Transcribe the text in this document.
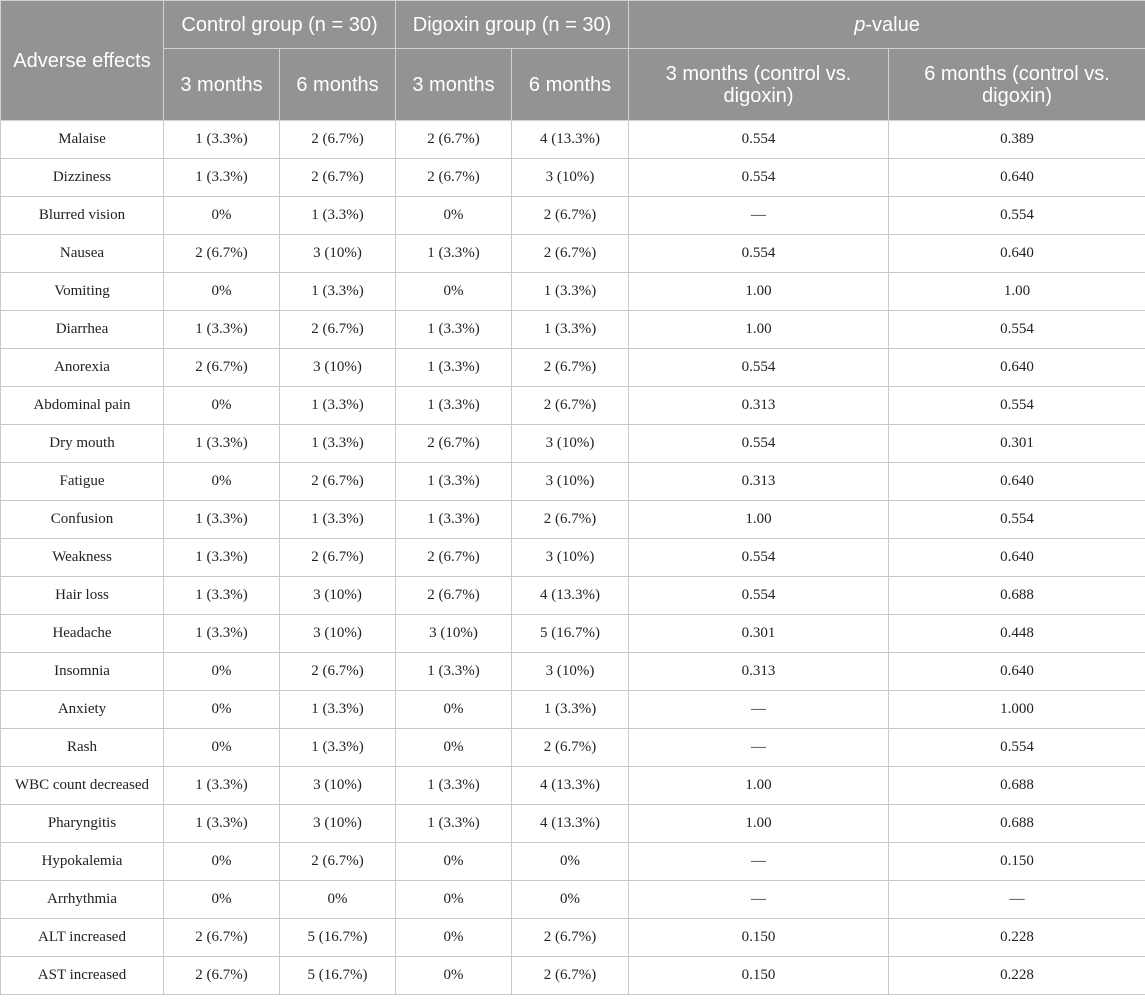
Adverse effects	Control group (n = 30)		Digoxin group (n = 30)		p-value	
	3 months	6 months	3 months	6 months	3 months (control vs. digoxin)	6 months (control vs. digoxin)
Malaise	1 (3.3%)	2 (6.7%)	2 (6.7%)	4 (13.3%)	0.554	0.389
Dizziness	1 (3.3%)	2 (6.7%)	2 (6.7%)	3 (10%)	0.554	0.640
Blurred vision	0%	1 (3.3%)	0%	2 (6.7%)	—	0.554
Nausea	2 (6.7%)	3 (10%)	1 (3.3%)	2 (6.7%)	0.554	0.640
Vomiting	0%	1 (3.3%)	0%	1 (3.3%)	1.00	1.00
Diarrhea	1 (3.3%)	2 (6.7%)	1 (3.3%)	1 (3.3%)	1.00	0.554
Anorexia	2 (6.7%)	3 (10%)	1 (3.3%)	2 (6.7%)	0.554	0.640
Abdominal pain	0%	1 (3.3%)	1 (3.3%)	2 (6.7%)	0.313	0.554
Dry mouth	1 (3.3%)	1 (3.3%)	2 (6.7%)	3 (10%)	0.554	0.301
Fatigue	0%	2 (6.7%)	1 (3.3%)	3 (10%)	0.313	0.640
Confusion	1 (3.3%)	1 (3.3%)	1 (3.3%)	2 (6.7%)	1.00	0.554
Weakness	1 (3.3%)	2 (6.7%)	2 (6.7%)	3 (10%)	0.554	0.640
Hair loss	1 (3.3%)	3 (10%)	2 (6.7%)	4 (13.3%)	0.554	0.688
Headache	1 (3.3%)	3 (10%)	3 (10%)	5 (16.7%)	0.301	0.448
Insomnia	0%	2 (6.7%)	1 (3.3%)	3 (10%)	0.313	0.640
Anxiety	0%	1 (3.3%)	0%	1 (3.3%)	—	1.000
Rash	0%	1 (3.3%)	0%	2 (6.7%)	—	0.554
WBC count decreased	1 (3.3%)	3 (10%)	1 (3.3%)	4 (13.3%)	1.00	0.688
Pharyngitis	1 (3.3%)	3 (10%)	1 (3.3%)	4 (13.3%)	1.00	0.688
Hypokalemia	0%	2 (6.7%)	0%	0%	—	0.150
Arrhythmia	0%	0%	0%	0%	—	—
ALT increased	2 (6.7%)	5 (16.7%)	0%	2 (6.7%)	0.150	0.228
AST increased	2 (6.7%)	5 (16.7%)	0%	2 (6.7%)	0.150	0.228
